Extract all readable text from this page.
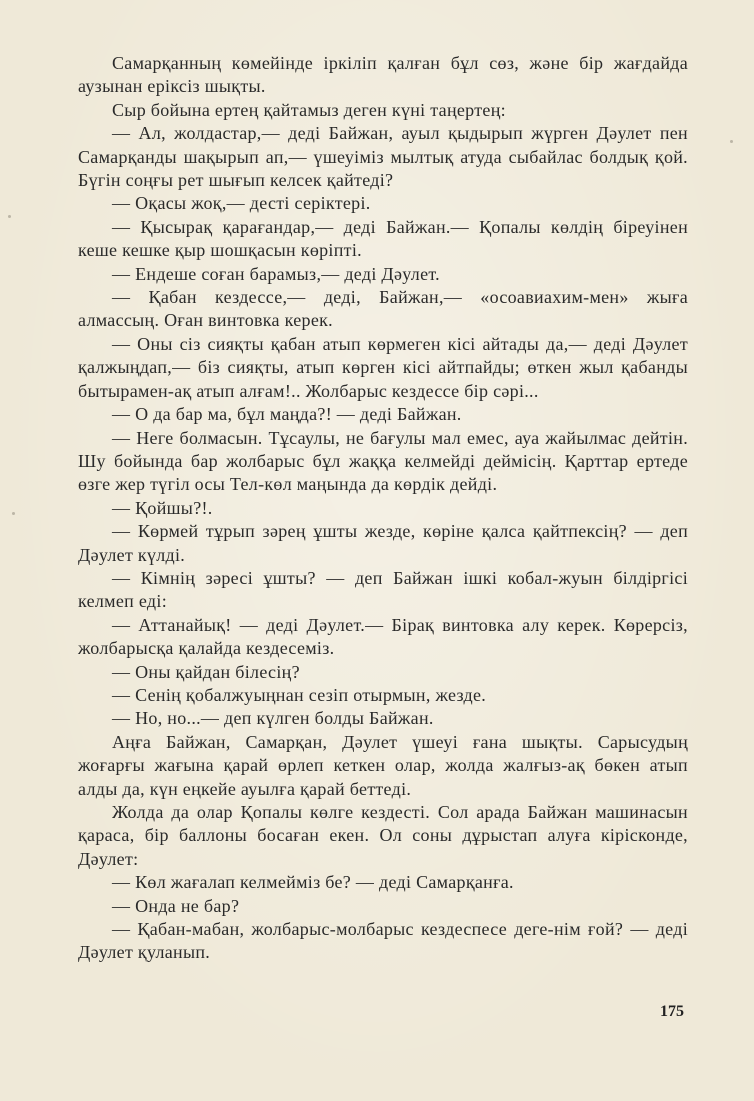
Самарқанның көмейінде іркіліп қалған бұл сөз, және бір жағдайда аузынан еріксіз шықты.

Сыр бойына ертең қайтамыз деген күні таңертең:

— Ал, жолдастар,— деді Байжан, ауыл қыдырып жүрген Дәулет пен Самарқанды шақырып ап,— үшеуіміз мылтық атуда сыбайлас болдық қой. Бүгін соңғы рет шығып келсек қайтеді?

— Оқасы жоқ,— десті серіктері.

— Қысырақ қарағандар,— деді Байжан.— Қопалы көлдің біреуінен кеше кешке қыр шошқасын көріпті.

— Ендеше соған барамыз,— деді Дәулет.

— Қабан кездессе,— деді, Байжан,— «осоавиахим-мен» жыға алмассың. Оған винтовка керек.

— Оны сіз сияқты қабан атып көрмеген кісі айтады да,— деді Дәулет қалжыңдап,— біз сияқты, атып көрген кісі айтпайды; өткен жыл қабанды бытырамен-ақ атып алғам!.. Жолбарыс кездессе бір сәрі...

— О да бар ма, бұл маңда?! — деді Байжан.

— Неге болмасын. Тұсаулы, не бағулы мал емес, ауа жайылмас дейтін. Шу бойында бар жолбарыс бұл жаққа келмейді деймісің. Қарттар ертеде өзге жер түгіл осы Тел-көл маңында да көрдік дейді.

— Қойшы?!.

— Көрмей тұрып зәрең ұшты жезде, көріне қалса қайтпексің? — деп Дәулет күлді.

— Кімнің зәресі ұшты? — деп Байжан ішкі кобал-жуын білдіргісі келмеп еді:

— Аттанайық! — деді Дәулет.— Бірақ винтовка алу керек. Көрерсіз, жолбарысқа қалайда кездесеміз.

— Оны қайдан білесің?

— Сенің қобалжуыңнан сезіп отырмын, жезде.

— Но, но...— деп күлген болды Байжан.

Аңға Байжан, Самарқан, Дәулет үшеуі ғана шықты. Сарысудың жоғарғы жағына қарай өрлеп кеткен олар, жолда жалғыз-ақ бөкен атып алды да, күн еңкейе ауылға қарай беттеді.

Жолда да олар Қопалы көлге кездесті. Сол арада Байжан машинасын қараса, бір баллоны босаған екен. Ол соны дұрыстап алуға кірісконде, Дәулет:

— Көл жағалап келмейміз бе? — деді Самарқанға.

— Онда не бар?

— Қабан-мабан, жолбарыс-молбарыс кездеспесе деге-нім ғой? — деді Дәулет қуланып.

175
